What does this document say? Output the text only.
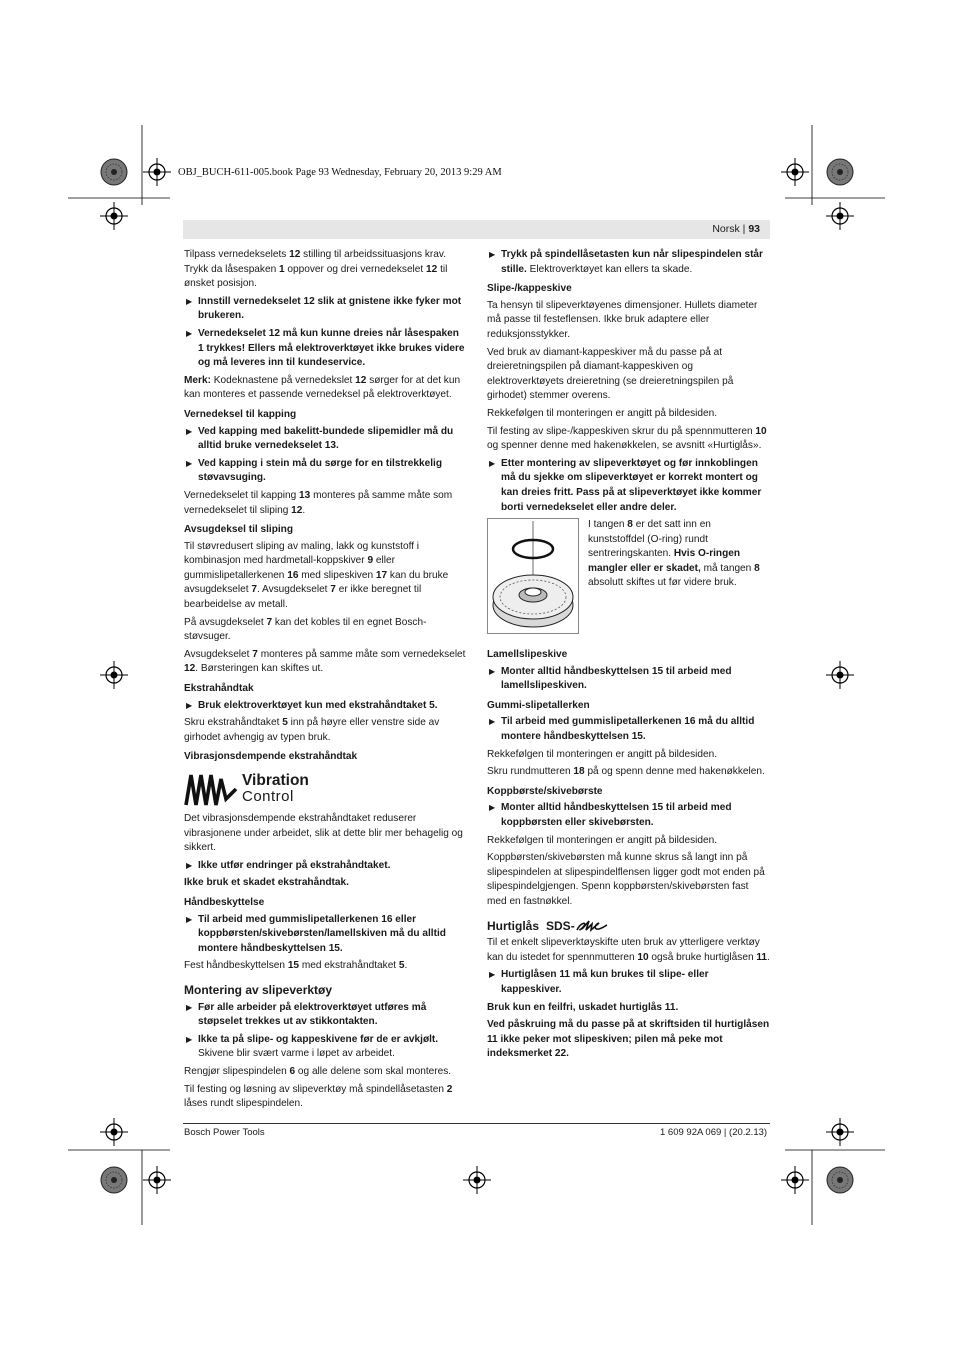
OBJ_BUCH-611-005.book Page 93 Wednesday, February 20, 2013 9:29 AM
Norsk | 93

Tilpass vernedekselets 12 stilling til arbeidssituasjons krav. Trykk da låsespaken 1 oppover og drei vernedekselet 12 til ønsket posisjon.

▶ Innstill vernedekselet 12 slik at gnistene ikke fyker mot brukeren.

▶ Vernedekselet 12 må kun kunne dreies når låsespaken 1 trykkes! Ellers må elektroverktøyet ikke brukes videre og må leveres inn til kundeservice.

Merk: Kodeknastene på vernedekslet 12 sørger for at det kun kan monteres et passende vernedeksel på elektroverktøyet.

Vernedeksel til kapping

▶ Ved kapping med bakelitt-bundede slipemidler må du alltid bruke vernedekselet 13.

▶ Ved kapping i stein må du sørge for en tilstrekkelig støvavsuging.

Vernedekselet til kapping 13 monteres på samme måte som vernedekselet til sliping 12.

Avsugdeksel til sliping

Til støvredusert sliping av maling, lakk og kunststoff i kombinasjon med hardmetall-koppskiver 9 eller gummislipetallerkenen 16 med slipeskiven 17 kan du bruke avsugdekselet 7. Avsugdekselet 7 er ikke beregnet til bearbeidelse av metall.

På avsugdekselet 7 kan det kobles til en egnet Bosch-støvsuger.

Avsugdekselet 7 monteres på samme måte som vernedekselet 12. Børsteringen kan skiftes ut.

Ekstrahåndtak

▶ Bruk elektroverktøyet kun med ekstrahåndtaket 5.

Skru ekstrahåndtaket 5 inn på høyre eller venstre side av girhodet avhengig av typen bruk.

Vibrasjonsdempende ekstrahåndtak
Vibration
Control

Det vibrasjonsdempende ekstrahåndtaket reduserer vibrasjonene under arbeidet, slik at dette blir mer behagelig og sikkert.

▶ Ikke utfør endringer på ekstrahåndtaket.

Ikke bruk et skadet ekstrahåndtak.

Håndbeskyttelse

▶ Til arbeid med gummislipetallerkenen 16 eller koppbørsten/skivebørsten/lamellskiven må du alltid montere håndbeskyttelsen 15.

Fest håndbeskyttelsen 15 med ekstrahåndtaket 5.

Montering av slipeverktøy

▶ Før alle arbeider på elektroverktøyet utføres må støpselet trekkes ut av stikkontakten.

▶ Ikke ta på slipe- og kappeskivene før de er avkjølt. Skivene blir svært varme i løpet av arbeidet.

Rengjør slipespindelen 6 og alle delene som skal monteres.

Til festing og løsning av slipeverktøy må spindellåsetasten 2 låses rundt slipespindelen.

▶ Trykk på spindellåsetasten kun når slipespindelen står stille. Elektroverktøyet kan ellers ta skade.

Slipe-/kappeskive

Ta hensyn til slipeverktøyenes dimensjoner. Hullets diameter må passe til festeflensen. Ikke bruk adaptere eller reduksjonsstykker.

Ved bruk av diamant-kappeskiver må du passe på at dreieretningspilen på diamant-kappeskiven og elektroverktøyets dreieretning (se dreieretningspilen på girhodet) stemmer overens.

Rekkefølgen til monteringen er angitt på bildesiden.

Til festing av slipe-/kappeskiven skrur du på spennmutteren 10 og spenner denne med hakenøkkelen, se avsnitt «Hurtiglås».

▶ Etter montering av slipeverktøyet og før innkoblingen må du sjekke om slipeverktøyet er korrekt montert og kan dreies fritt. Pass på at slipeverktøyet ikke kommer borti vernedekselet eller andre deler.

I tangen 8 er det satt inn en kunststoffdel (O-ring) rundt sentreringskanten. Hvis O-ringen mangler eller er skadet, må tangen 8 absolutt skiftes ut før videre bruk.

Lamellslipeskive

▶ Monter alltid håndbeskyttelsen 15 til arbeid med lamellslipeskiven.

Gummi-slipetallerken

▶ Til arbeid med gummislipetallerkenen 16 må du alltid montere håndbeskyttelsen 15.

Rekkefølgen til monteringen er angitt på bildesiden.

Skru rundmutteren 18 på og spenn denne med hakenøkkelen.

Koppbørste/skivebørste

▶ Monter alltid håndbeskyttelsen 15 til arbeid med koppbørsten eller skivebørsten.

Rekkefølgen til monteringen er angitt på bildesiden.

Koppbørsten/skivebørsten må kunne skrus så langt inn på slipespindelen at slipespindelflensen ligger godt mot enden på slipespindelgjengen. Spenn koppbørsten/skivebørsten fast med en fastnøkkel.

Hurtiglås SDS-

Til et enkelt slipeverktøyskifte uten bruk av ytterligere verktøy kan du istedet for spennmutteren 10 også bruke hurtiglåsen 11.

▶ Hurtiglåsen 11 må kun brukes til slipe- eller kappeskiver.

Bruk kun en feilfri, uskadet hurtiglås 11.

Ved påskruing må du passe på at skriftsiden til hurtiglåsen 11 ikke peker mot slipeskiven; pilen må peke mot indeksmerket 22.

Bosch Power Tools	1 609 92A 069 | (20.2.13)
